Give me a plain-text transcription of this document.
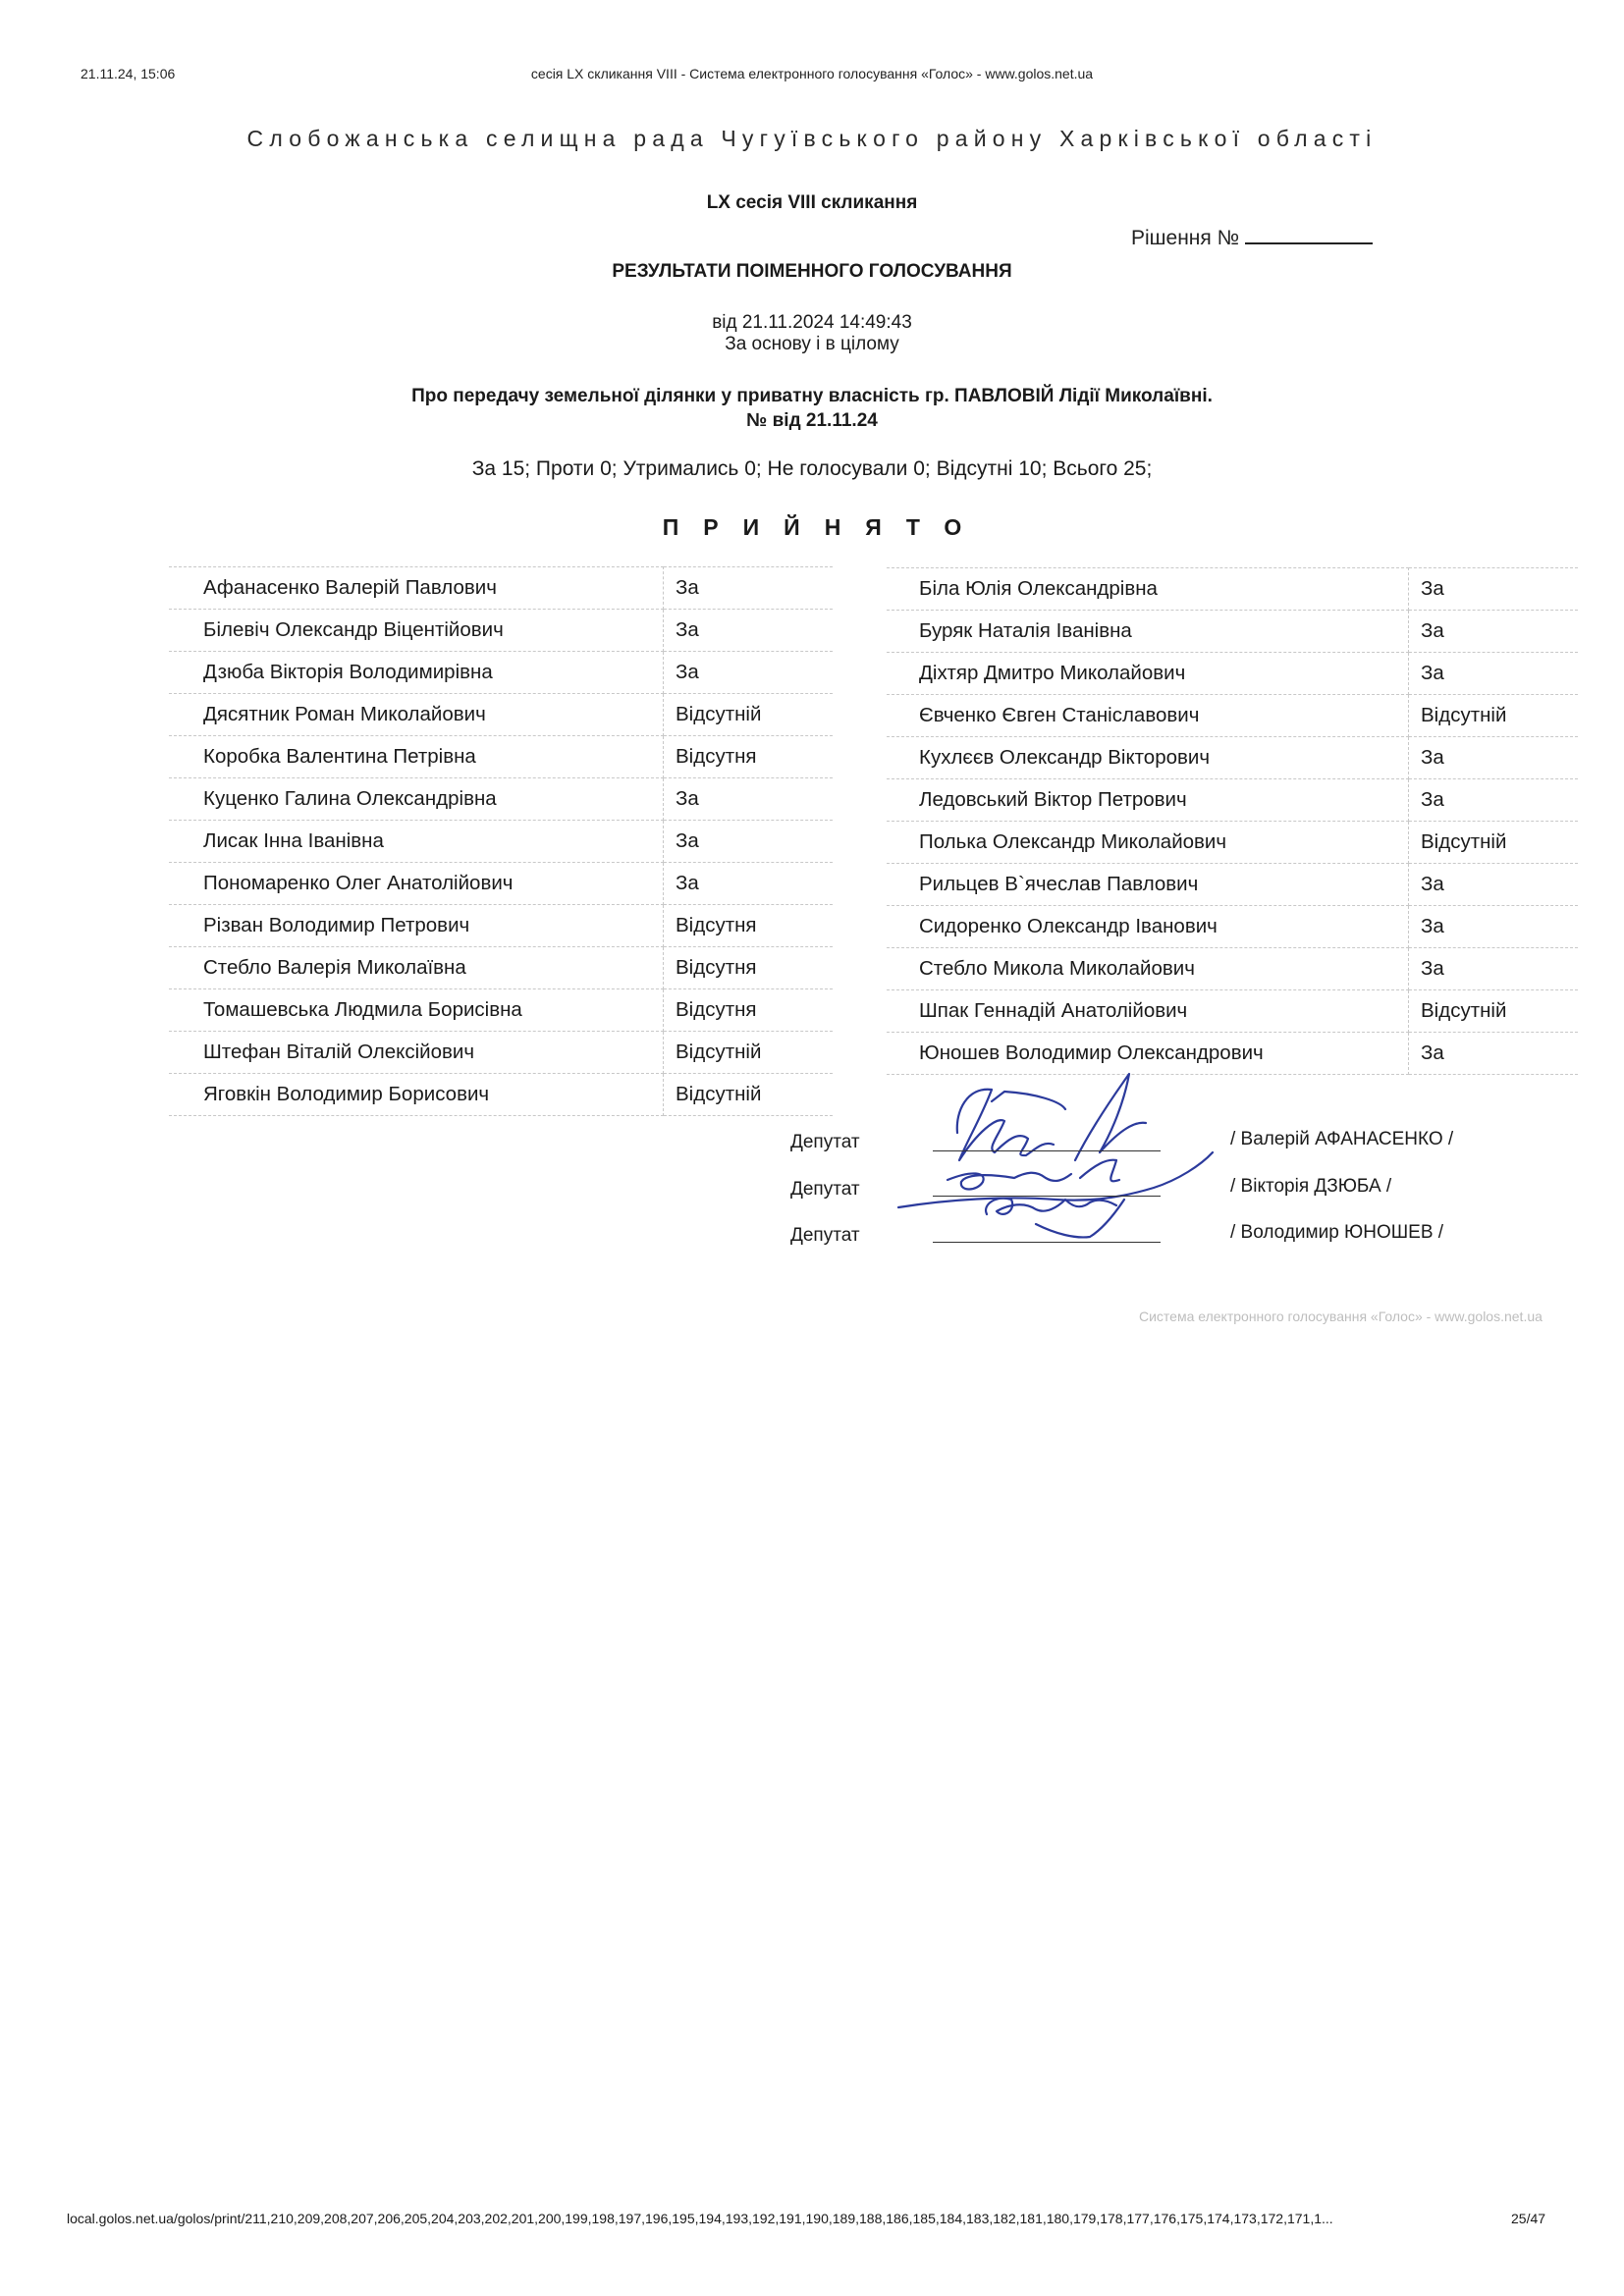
21.11.24, 15:06	сесія LX скликання VIII - Система електронного голосування «Голос» - www.golos.net.ua
Слобожанська селищна рада Чугуївського району Харківської області
LX сесія VIII скликання
Рішення №
РЕЗУЛЬТАТИ ПОІМЕННОГО ГОЛОСУВАННЯ
від 21.11.2024 14:49:43
За основу і в цілому
Про передачу земельної ділянки у приватну власність гр. ПАВЛОВІЙ Лідії Миколаївні.
№ від 21.11.24
За 15; Проти 0; Утримались 0; Не голосували 0; Відсутні 10; Всього 25;
ПРИЙНЯТО
Афанасенко Валерій Павлович	За
Білевіч Олександр Віцентійович	За
Дзюба Вікторія Володимирівна	За
Дясятник Роман Миколайович	Відсутній
Коробка Валентина Петрівна	Відсутня
Куценко Галина Олександрівна	За
Лисак Інна Іванівна	За
Пономаренко Олег Анатолійович	За
Різван Володимир Петрович	Відсутня
Стебло Валерія Миколаївна	Відсутня
Томашевська Людмила Борисівна	Відсутня
Штефан Віталій Олексійович	Відсутній
Яговкін Володимир Борисович	Відсутній
Біла Юлія Олександрівна	За
Буряк Наталія Іванівна	За
Діхтяр Дмитро Миколайович	За
Євченко Євген Станіславович	Відсутній
Кухлєєв Олександр Вікторович	За
Ледовський Віктор Петрович	За
Полька Олександр Миколайович	Відсутній
Рильцев В`ячеслав Павлович	За
Сидоренко Олександр Іванович	За
Стебло Микола Миколайович	За
Шпак Геннадій Анатолійович	Відсутній
Юношев Володимир Олександрович	За
Депутат	/ Валерій АФАНАСЕНКО /
Депутат	/ Вікторія ДЗЮБА /
Депутат	/ Володимир ЮНОШЕВ /
Система електронного голосування «Голос» - www.golos.net.ua
local.golos.net.ua/golos/print/211,210,209,208,207,206,205,204,203,202,201,200,199,198,197,196,195,194,193,192,191,190,189,188,186,185,184,183,182,181,180,179,178,177,176,175,174,173,172,171,1...	25/47
